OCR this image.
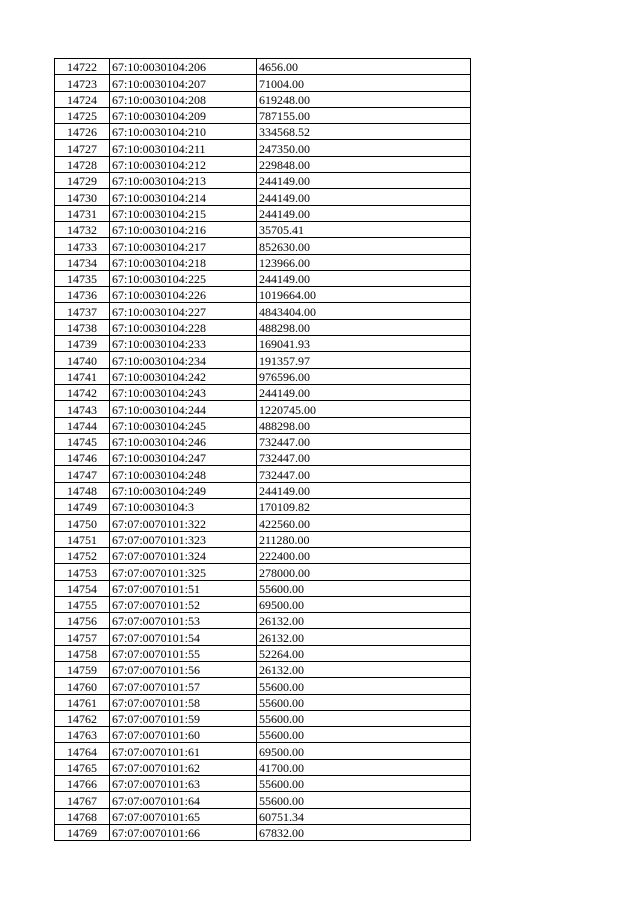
14722	67:10:0030104:206	4656.00
14723	67:10:0030104:207	71004.00
14724	67:10:0030104:208	619248.00
14725	67:10:0030104:209	787155.00
14726	67:10:0030104:210	334568.52
14727	67:10:0030104:211	247350.00
14728	67:10:0030104:212	229848.00
14729	67:10:0030104:213	244149.00
14730	67:10:0030104:214	244149.00
14731	67:10:0030104:215	244149.00
14732	67:10:0030104:216	35705.41
14733	67:10:0030104:217	852630.00
14734	67:10:0030104:218	123966.00
14735	67:10:0030104:225	244149.00
14736	67:10:0030104:226	1019664.00
14737	67:10:0030104:227	4843404.00
14738	67:10:0030104:228	488298.00
14739	67:10:0030104:233	169041.93
14740	67:10:0030104:234	191357.97
14741	67:10:0030104:242	976596.00
14742	67:10:0030104:243	244149.00
14743	67:10:0030104:244	1220745.00
14744	67:10:0030104:245	488298.00
14745	67:10:0030104:246	732447.00
14746	67:10:0030104:247	732447.00
14747	67:10:0030104:248	732447.00
14748	67:10:0030104:249	244149.00
14749	67:10:0030104:3	170109.82
14750	67:07:0070101:322	422560.00
14751	67:07:0070101:323	211280.00
14752	67:07:0070101:324	222400.00
14753	67:07:0070101:325	278000.00
14754	67:07:0070101:51	55600.00
14755	67:07:0070101:52	69500.00
14756	67:07:0070101:53	26132.00
14757	67:07:0070101:54	26132.00
14758	67:07:0070101:55	52264.00
14759	67:07:0070101:56	26132.00
14760	67:07:0070101:57	55600.00
14761	67:07:0070101:58	55600.00
14762	67:07:0070101:59	55600.00
14763	67:07:0070101:60	55600.00
14764	67:07:0070101:61	69500.00
14765	67:07:0070101:62	41700.00
14766	67:07:0070101:63	55600.00
14767	67:07:0070101:64	55600.00
14768	67:07:0070101:65	60751.34
14769	67:07:0070101:66	67832.00
